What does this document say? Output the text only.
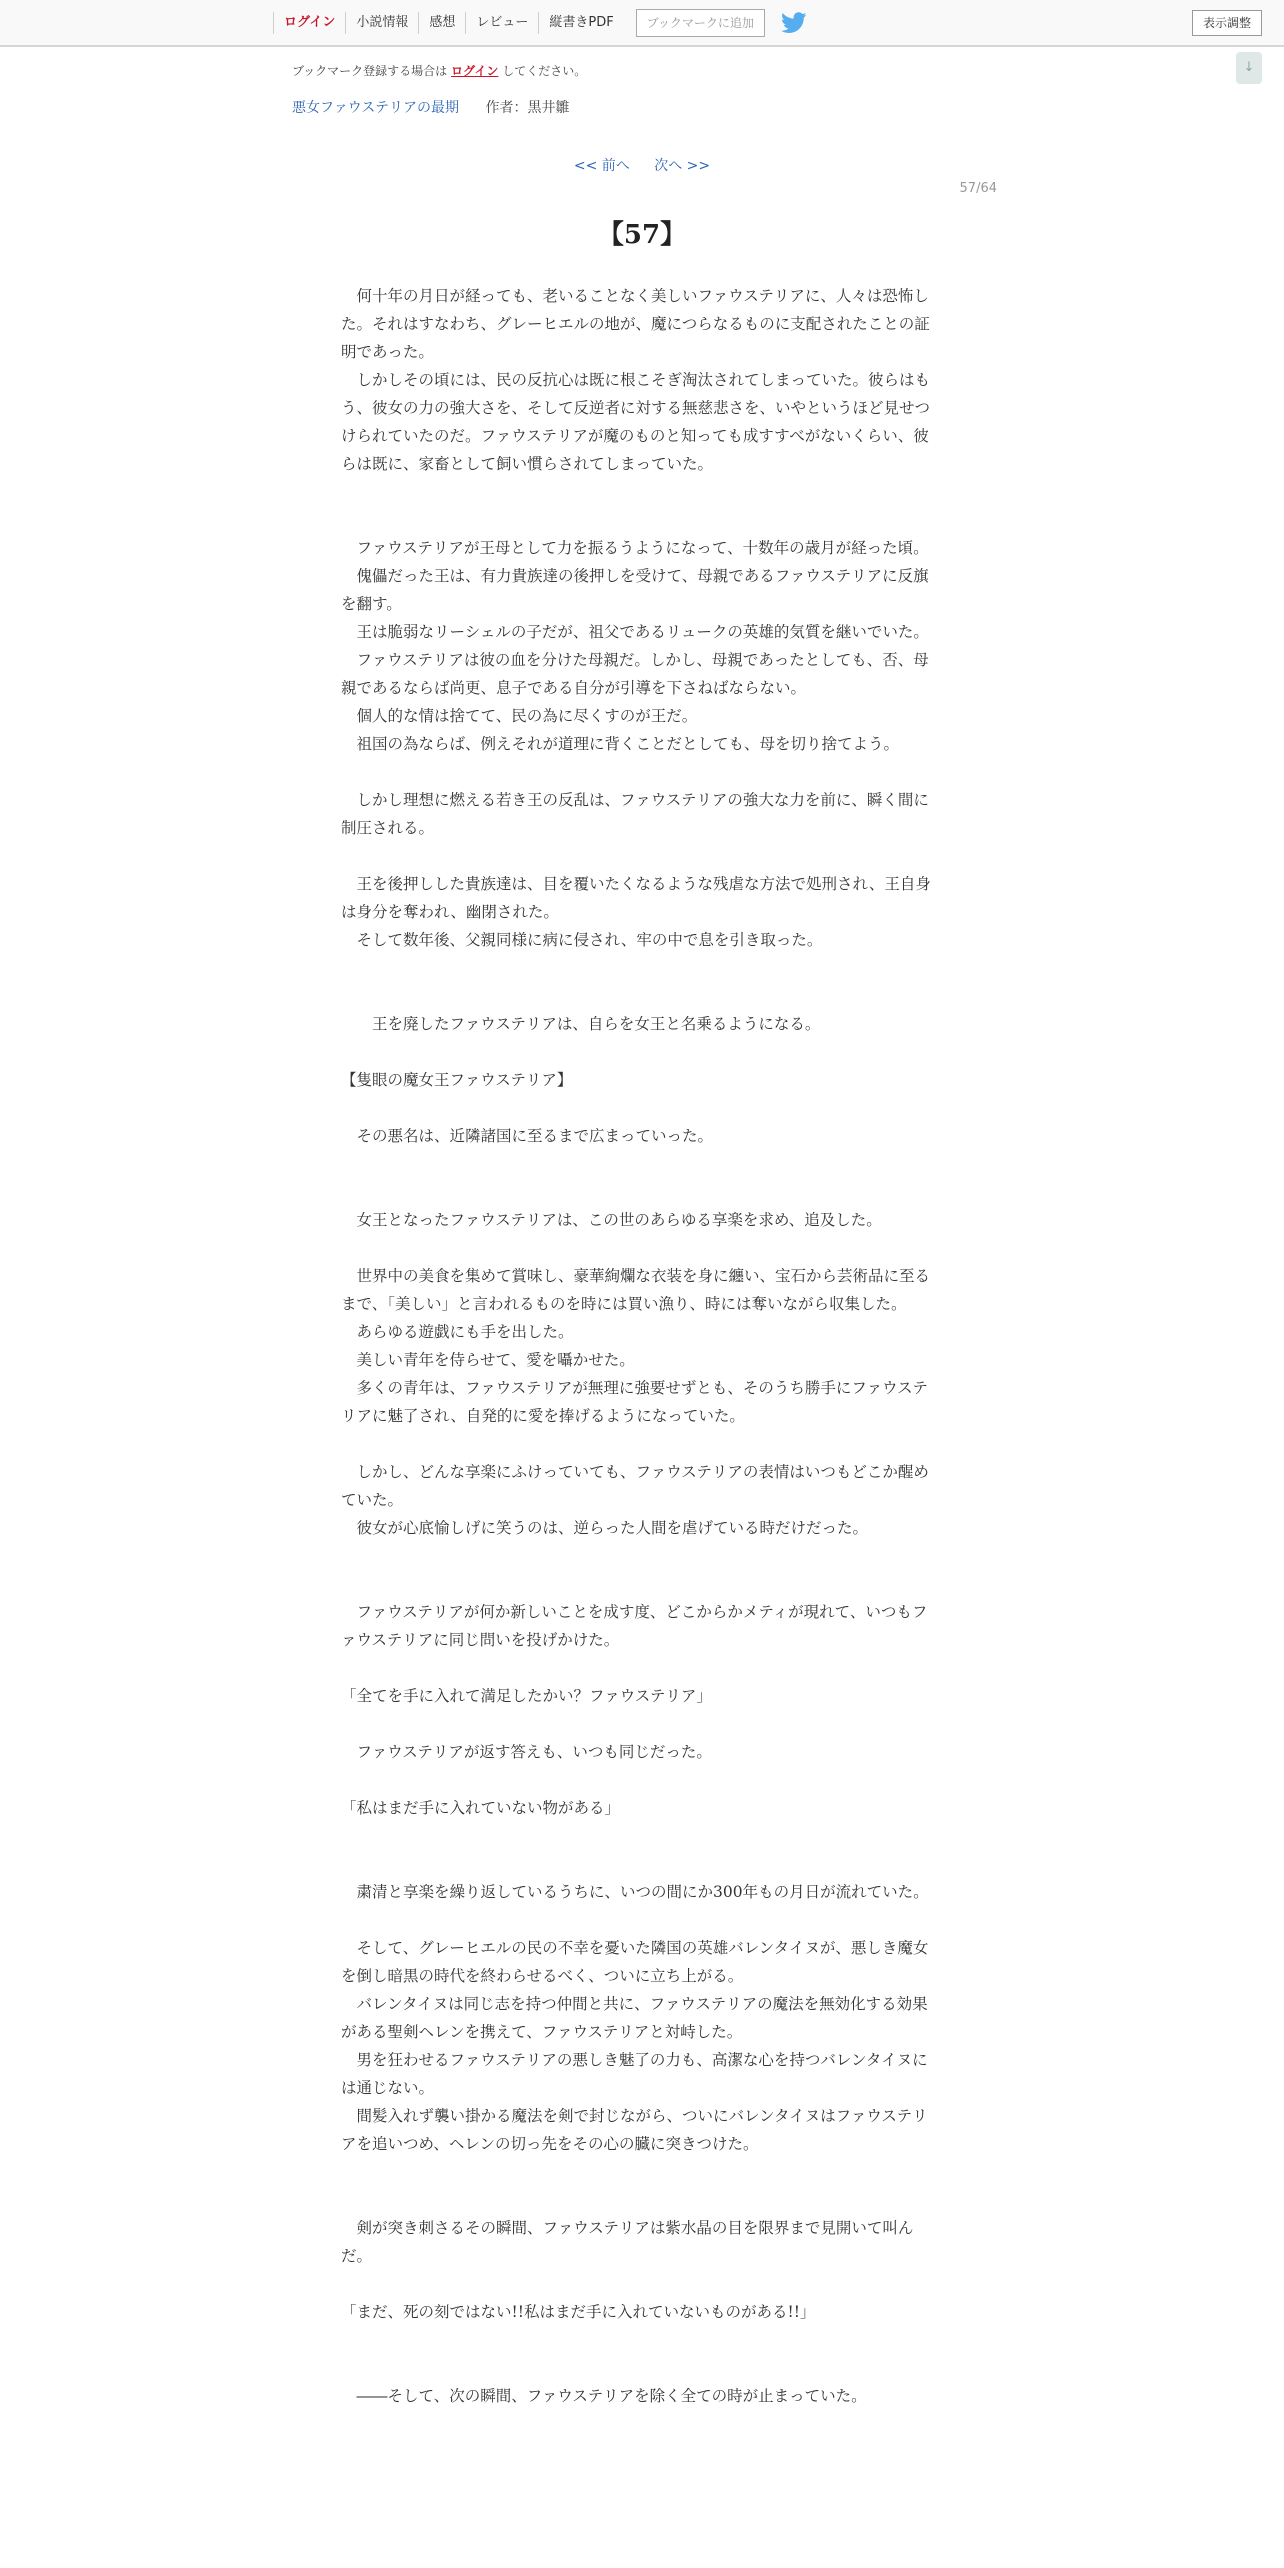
ログイン	小説情報	感想	レビュー	縦書きPDF	ブックマークに追加	表示調整
↓
ブックマーク登録する場合は ログイン してください。
悪女ファウステリアの最期 作者：黒井雛
<< 前へ 次へ >>
57/64
【57】

　何十年の月日が経っても、老いることなく美しいファウステリアに、人々は恐怖した。それはすなわち、グレーヒエルの地が、魔につらなるものに支配されたことの証明であった。

　しかしその頃には、民の反抗心は既に根こそぎ淘汰されてしまっていた。彼らはもう、彼女の力の強大さを、そして反逆者に対する無慈悲さを、いやというほど見せつけられていたのだ。ファウステリアが魔のものと知っても成すすべがないくらい、彼らは既に、家畜として飼い慣らされてしまっていた。

　ファウステリアが王母として力を振るうようになって、十数年の歳月が経った頃。

　傀儡だった王は、有力貴族達の後押しを受けて、母親であるファウステリアに反旗を翻す。

　王は脆弱なリーシェルの子だが、祖父であるリュークの英雄的気質を継いでいた。

　ファウステリアは彼の血を分けた母親だ。しかし、母親であったとしても、否、母親であるならば尚更、息子である自分が引導を下さねばならない。

　個人的な情は捨てて、民の為に尽くすのが王だ。

　祖国の為ならば、例えそれが道理に背くことだとしても、母を切り捨てよう。

　しかし理想に燃える若き王の反乱は、ファウステリアの強大な力を前に、瞬く間に制圧される。

　王を後押しした貴族達は、目を覆いたくなるような残虐な方法で処刑され、王自身は身分を奪われ、幽閉された。

　そして数年後、父親同様に病に侵され、牢の中で息を引き取った。

　　王を廃したファウステリアは、自らを女王と名乗るようになる。

【隻眼の魔女王ファウステリア】

　その悪名は、近隣諸国に至るまで広まっていった。

　女王となったファウステリアは、この世のあらゆる享楽を求め、追及した。

　世界中の美食を集めて賞味し、豪華絢爛な衣装を身に纏い、宝石から芸術品に至るまで、「美しい」と言われるものを時には買い漁り、時には奪いながら収集した。

　あらゆる遊戯にも手を出した。

　美しい青年を侍らせて、愛を囁かせた。

　多くの青年は、ファウステリアが無理に強要せずとも、そのうち勝手にファウステリアに魅了され、自発的に愛を捧げるようになっていた。

　しかし、どんな享楽にふけっていても、ファウステリアの表情はいつもどこか醒めていた。

　彼女が心底愉しげに笑うのは、逆らった人間を虐げている時だけだった。

　ファウステリアが何か新しいことを成す度、どこからかメティが現れて、いつもファウステリアに同じ問いを投げかけた。

「全てを手に入れて満足したかい？ファウステリア」

　ファウステリアが返す答えも、いつも同じだった。

「私はまだ手に入れていない物がある」

　粛清と享楽を繰り返しているうちに、いつの間にか300年もの月日が流れていた。

　そして、グレーヒエルの民の不幸を憂いた隣国の英雄バレンタイヌが、悪しき魔女を倒し暗黒の時代を終わらせるべく、ついに立ち上がる。

　バレンタイヌは同じ志を持つ仲間と共に、ファウステリアの魔法を無効化する効果がある聖剣ヘレンを携えて、ファウステリアと対峙した。

　男を狂わせるファウステリアの悪しき魅了の力も、高潔な心を持つバレンタイヌには通じない。

　間髪入れず襲い掛かる魔法を剣で封じながら、ついにバレンタイヌはファウステリアを追いつめ、ヘレンの切っ先をその心の臓に突きつけた。

　剣が突き刺さるその瞬間、ファウステリアは紫水晶の目を限界まで見開いて叫んだ。

「まだ、死の刻ではない!!私はまだ手に入れていないものがある!!」

　――そして、次の瞬間、ファウステリアを除く全ての時が止まっていた。
